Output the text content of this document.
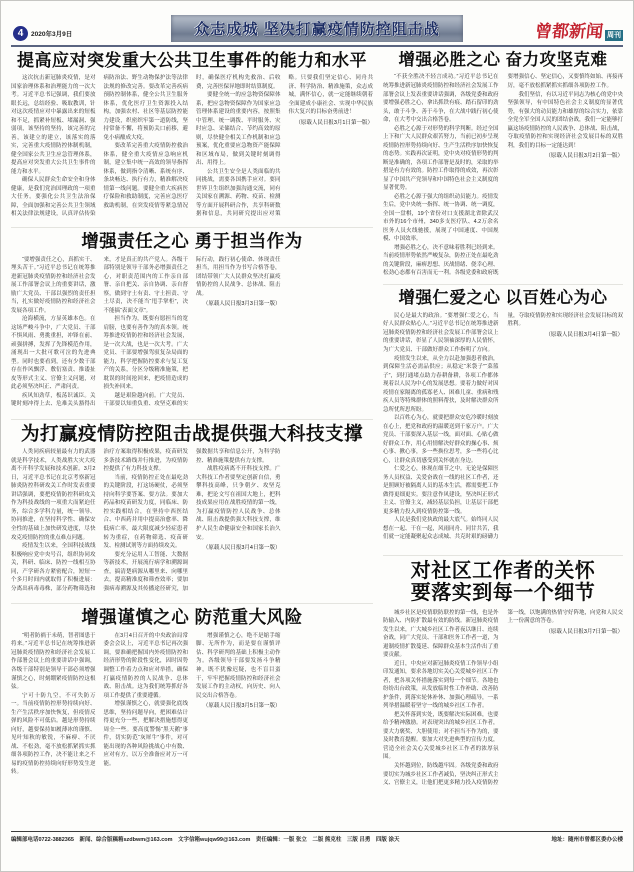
4	2020年3月9日	众志成城 坚决打赢疫情防控阻击战	曾都新闻 周刊
提高应对突发重大公共卫生事件的能力和水平

这次抗击新冠肺炎疫情，是对国家治理体系和治理能力的一次大考。习近平总书记强调，我们要放眼长远，总结经验、吸取教训，针对这次疫情应对中暴露出来的短板和不足，抓紧补短板、堵漏洞、强弱项，该坚持的坚持，该完善的完善，该建立的建立，该落实的落实，完善重大疫情防控体制机制，健全国家公共卫生应急管理体系，提高应对突发重大公共卫生事件的能力和水平。

确保人民群众生命安全和身体健康，是我们党治国理政的一项重大任务。要强化公共卫生法治保障，全面加强和完善公共卫生领域相关法律法规建设，认真评估传染病防治法、野生动物保护法等法律法规的修改完善。要改革完善疾病预防控制体系，健全公共卫生服务体系，优化医疗卫生资源投入结构，加强农村、社区等基层防控能力建设，织密织牢第一道防线，坚持常备不懈，将预防关口前移，避免小病酿成大疫。

要改革完善重大疫情防控救治体系，健全重大疫情应急响应机制，建立集中统一高效的领导指挥体系，做到指令清晰、系统有序、条块畅达、执行有力，精准解决疫情第一线问题。要健全重大疾病医疗保险和救助制度，完善应急医疗救助机制，在突发疫情等紧急情况时，确保医疗机构先救治、后收费，完善医保异地即时结算制度。

要健全统一的应急物资保障体系，把应急物资保障作为国家应急管理体系建设的重要内容，按照集中管理、统一调拨、平时服务、灾时应急、采储结合、节约高效的原则，尽快健全相关工作机制和应急预案，优化重要应急物资产能保障和区域布局，做到关键时刻调得出、用得上。

公共卫生安全是人类面临的共同挑战，需要各国携手应对。要同世界卫生组织加强沟通交流，同有关国家在溯源、药物、疫苗、检测等方面开展科研合作，共享科研数据和信息，共同研究提出应对策略。只要我们坚定信心、同舟共济、科学防治、精准施策，众志成城，满怀信心，就一定能继续朝着全面建成小康社会、实现中华民族伟大复兴的目标奋勇前进！

（原载人民日报3月1日第一版）

增强责任之心 勇于担当作为

“要增强责任之心，真抓实干、埋头苦干。”习近平总书记在统筹推进新冠肺炎疫情防控和经济社会发展工作部署会议上的重要讲话，激励广大党员、干部以强烈的责任担当，扎实做好疫情防控和经济社会发展各项工作。

沧海横流，方显英雄本色。在这场严峻斗争中，广大党员、干部不惧风雨、勇挑重担，冲锋在前、顽强拼搏，发挥了先锋模范作用，涌现出一大批可歌可泣的先进典型。同时也要看到，还有少数干部存在作风飘浮、敷衍塞责、推诿扯皮等形式主义、官僚主义问题，对此必须坚决纠正、严肃问责。

疾风知劲草，板荡识诚臣。关键时刻冲得上去、危难关头豁得出来，才是真正的共产党人。各级干部特别是领导干部务必增强责任之心，对职责范围内的工作亲自部署、亲自把关、亲自协调、亲自督察，做到守土有责、守土担责、守土尽责，决不能当“甩手掌柜”，决不能搞“表面文章”。

担当作为，既要有愿担当的宽肩膀，也要有善作为的真本领。统筹推进疫情防控和经济社会发展，是一次大战，也是一次大考。广大党员、干部要增强驾驭复杂局面的能力，科学把握防控要求与复工复产的关系，分区分级精准施策，把耽误的时间抢回来，把疫情造成的损失补回来。

越是艰险越向前。广大党员、干部要以知重负重、攻坚克难的实际行动，践行初心使命、体现责任担当，用担当作为书写合格答卷，团结带领广大人民群众坚决打赢疫情防控的人民战争、总体战、阻击战。

（原载人民日报3月3日第一版）

为打赢疫情防控阻击战提供强大科技支撑

人类同疾病较量最有力的武器就是科学技术，人类战胜大灾大疫离不开科学发展和技术创新。3月2日，习近平总书记在北京考察新冠肺炎防控科研攻关工作时发表重要讲话强调，要把疫情防控科研攻关作为科技战线的一项重大而紧迫任务，综合多学科力量，统一领导、协同推进，在坚持科学性、确保安全性的基础上加快研发进度，尽快攻克疫情防控的重点难点问题。

疫情发生以来，全国科技战线积极响应党中央号召，组织协同攻关，科研、临床、防控一线相互协同，产学研各方紧密配合，短短一个多月时间内就取得了积极进展：分离出病毒毒株，部分药物筛选和治疗方案取得积极成果，疫苗研发多条技术路线并行推进，为疫情防控提供了有力科技支撑。

当前，疫情防控正处在最吃劲的关键阶段，打这场硬仗，必须坚持向科学要答案、要方法。要加大药品和疫苗研发力度，同临床、防控实践相结合，在坚持中西医结合、中西药并用中提高治愈率、降低病亡率，最大限度减少轻症患者转为重症，在药物筛选、疫苗研发、检测试剂等方面持续攻关。

要充分运用人工智能、大数据等新技术，开展流行病学和溯源调查，搞清楚病源从哪里来、向哪里去，提高精准度和筛查效率；要加强病毒溯源及其传播途径研究，加强数据共享和信息公开，为科学防控、精准施策提供有力支撑。

战胜疫病离不开科技支撑。广大科技工作者要坚定创新自信，勇攀科技高峰，只争朝夕、攻坚克难，把论文写在祖国大地上，把科技成果应用在战胜疫情的第一线，为打赢疫情防控人民战争、总体战、阻击战提供强大科技支撑，维护人民生命健康安全和国家长治久安。

（原载人民日报3月4日第一版）

增强谨慎之心 防范重大风险

“明者防祸于未萌，智者图患于将来。”习近平总书记在统筹推进新冠肺炎疫情防控和经济社会发展工作部署会议上的重要讲话中强调，各级干部特别是领导干部必须增强谨慎之心，时刻绷紧疫情防控这根弦。

宁可十防九空，不可失防万一。当前疫情防控形势持续向好、生产生活秩序加快恢复，但疫情反弹的风险不可低估。越是形势持续向好，越要保持如履薄冰的谨慎、见叶知秋的敏锐，不麻痹、不厌战、不松劲，毫不放松抓紧抓实抓细各项防控工作，决不能让来之不易的疫情防控持续向好形势发生逆转。

在3月4日召开的中央政治局常委会会议上，习近平总书记再次强调，要准确把握国内外疫情防控和经济形势的阶段性变化，因时因势调整工作着力点和应对举措，确保打赢疫情防控的人民战争、总体战、阻击战。这为我们统筹抓好各项工作提供了重要遵循。

增强谨慎之心，就要强化底线思维，坚持问题导向，把困难估计得更充分一些，把解决措施想得更周全一些。要高度警惕“黑天鹅”事件，切实防范“灰犀牛”事件，对可能出现的各种风险挑战心中有数、应对有方，以万全准备应对万一可能。

增强谨慎之心，绝不是缩手缩脚、无所作为，而是要在谨慎评估、科学研判的基础上积极主动作为。各级领导干部要发扬斗争精神，既不犹豫迟疑，也不盲目蛮干，牢牢把握疫情防控和经济社会发展工作的主动权，向历史、向人民交出合格答卷。

（原载人民日报3月5日第一版）

增强必胜之心 奋力攻坚克难

“不获全胜决不轻言成功。”习近平总书记在统筹推进新冠肺炎疫情防控和经济社会发展工作部署会议上发表重要讲话强调，各级党委和政府要增强必胜之心，拿出抓铁有痕、踏石留印的劲头，敢于斗争、善于斗争，在大战中践行初心使命，在大考中交出合格答卷。

必胜之心源于对形势的科学判断。经过全国上下和广大人民群众艰苦努力，当前已初步呈现疫情防控形势持续向好、生产生活秩序加快恢复的态势。实践再次证明，党中央对疫情形势的判断是准确的，各项工作部署是及时的，采取的举措是有力有效的。防控工作取得的成效，再次彰显了中国共产党领导和中国特色社会主义制度的显著优势。

必胜之心源于强大的组织动员能力。疫情发生后，党中央统一指挥、统一协调、统一调度，全国一盘棋，19个省份对口支援湖北省除武汉市外的16个市州，340多支医疗队、4.2万余名医务人员火线驰援，展现了中国速度、中国规模、中国效率。

增强必胜之心，决不意味着胜利已经到来。当前疫情形势依然严峻复杂，防控正处在最吃劲的关键阶段，麻痹思想、厌战情绪、侥幸心理、松劲心态都有百害而无一利。各级党委和政府既要增强信心、坚定信心，又要慎终如始、再接再厉，毫不放松抓紧抓实抓细各项防控工作。

我们坚信，有以习近平同志为核心的党中央坚强领导，有中国特色社会主义制度的显著优势，有强大的动员能力和雄厚的综合实力，依靠全党全军全国人民的团结奋战，我们一定能够打赢这场疫情防控的人民战争、总体战、阻击战，夺取疫情防控和实现经济社会发展目标的双胜利，我们的目标一定能达到！

（原载人民日报3月2日第一版）

增强仁爱之心 以百姓心为心

民心是最大的政治。“要增强仁爱之心，当好人民群众贴心人。”习近平总书记在统筹推进新冠肺炎疫情防控和经济社会发展工作部署会议上的重要讲话，彰显了人民领袖深厚的人民情怀，为广大党员、干部做好群众工作指明了方向。

疫情发生以来，从全力以赴加强患者救治，到保障生活必需品供应；从稳定“米袋子”“菜篮子”，到打通堵点助力春耕备耕，各项工作都体现着以人民为中心的发展思想。要着力做好对因疫情在家隔离的孤寡老人、困难儿童、重病和残疾人员等特殊群体的照料帮扶，及时解决群众所急所忧所思所盼。

以百姓心为心，就要把群众安危冷暖时刻放在心上，把党和政府的温暖送到千家万户。广大党员、干部要深入基层一线，面对面、心贴心做好群众工作，用心用情解决好群众的操心事、烦心事、揪心事，多一些换位思考，多一些将心比心，让群众真切感受到关怀就在身边。

仁爱之心，体现在细节之中。无论是保障医务人员权益、关爱奋战在一线的社区工作者，还是照顾好被隔离人员的基本生活，都需要把工作做得更细更实。要注意作风建设，坚决纠正形式主义、官僚主义，减轻基层负担，让基层干部把更多精力投入到疫情防控第一线。

人民是我们党执政的最大底气。始终同人民想在一起、干在一起，风雨同舟、同甘共苦，我们就一定能凝聚起众志成城、共克时艰的磅礴力量，夺取疫情防控和实现经济社会发展目标的双胜利。

（原载人民日报3月4日第一版）

对社区工作者的关怀
要落实到每一个细节

城乡社区是疫情联防联控的第一线，也是外防输入、内防扩散最有效的防线。新冠肺炎疫情发生以来，广大城乡社区工作者夜以继日、连续奋战，同广大党员、干部和医务工作者一道，为遏制疫情扩散蔓延、保障群众基本生活作出了重要贡献。

近日，中央应对新冠肺炎疫情工作领导小组印发通知，要求各地切实关心关爱城乡社区工作者，把各项关怀措施落实到每一个细节。各地也纷纷出台政策，从发放临时性工作补助、改善防护条件，到落实轮休补休、加强心理疏导，一系列举措温暖着坚守一线的城乡社区工作者。

把关怀落到实处，既要解决实际困难，也要给予精神激励。对表现突出的城乡社区工作者，要大力褒奖、大胆使用；对不担当不作为的，要及时教育提醒。要加大对先进典型的宣传力度，营造全社会关心关爱城乡社区工作者的浓厚氛围。

关怀越到位，防线越牢固。各级党委和政府要切实为城乡社区工作者减负，坚决纠正形式主义、官僚主义，让他们把更多精力投入疫情防控第一线，以饱满的热情守好阵地，向党和人民交上一份满意的答卷。

（原载人民日报3月7日第一版）

编辑部电话0722-3882365　新闻、综合版稿箱szdbwm@163.com　文字信箱wujqw99@163.com　责任编辑：一版 张立　二版 熊克柱　三版 吕勇　四版 涂天	地址：随州市曾都区委办公楼
